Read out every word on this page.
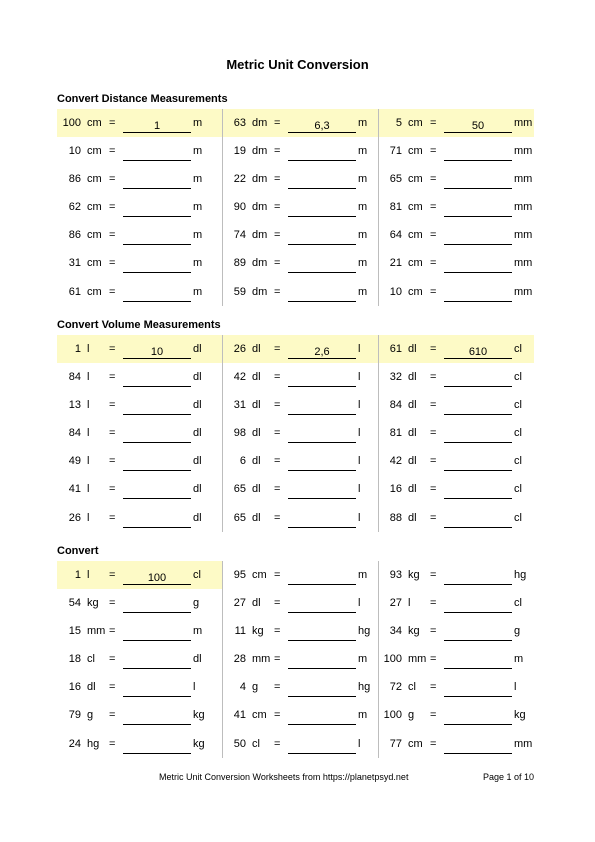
Metric Unit Conversion
Convert Distance Measurements
100 cm =	1	m	63 dm =	6,3	m	5 cm =	50	mm
10 cm =	m	19 dm =	m	71 cm =	mm
86 cm =	m	22 dm =	m	65 cm =	mm
62 cm =	m	90 dm =	m	81 cm =	mm
86 cm =	m	74 dm =	m	64 cm =	mm
31 cm =	m	89 dm =	m	21 cm =	mm
61 cm =	m	59 dm =	m	10 cm =	mm
Convert Volume Measurements
1 l =	10	dl	26 dl =	2,6	l	61 dl =	610	cl
84 l =	dl	42 dl =	l	32 dl =	cl
13 l =	dl	31 dl =	l	84 dl =	cl
84 l =	dl	98 dl =	l	81 dl =	cl
49 l =	dl	6 dl =	l	42 dl =	cl
41 l =	dl	65 dl =	l	16 dl =	cl
26 l =	dl	65 dl =	l	88 dl =	cl
Convert
1 l =	100	cl	95 cm =	m	93 kg =	hg
54 kg =	g	27 dl =	l	27 l =	cl
15 mm =	m	11 kg =	hg	34 kg =	g
18 cl =	dl	28 mm =	m	100 mm =	m
16 dl =	l	4 g =	hg	72 cl =	l
79 g =	kg	41 cm =	m	100 g =	kg
24 hg =	kg	50 cl =	l	77 cm =	mm
Metric Unit Conversion Worksheets from https://planetpsyd.net	Page 1 of 10
